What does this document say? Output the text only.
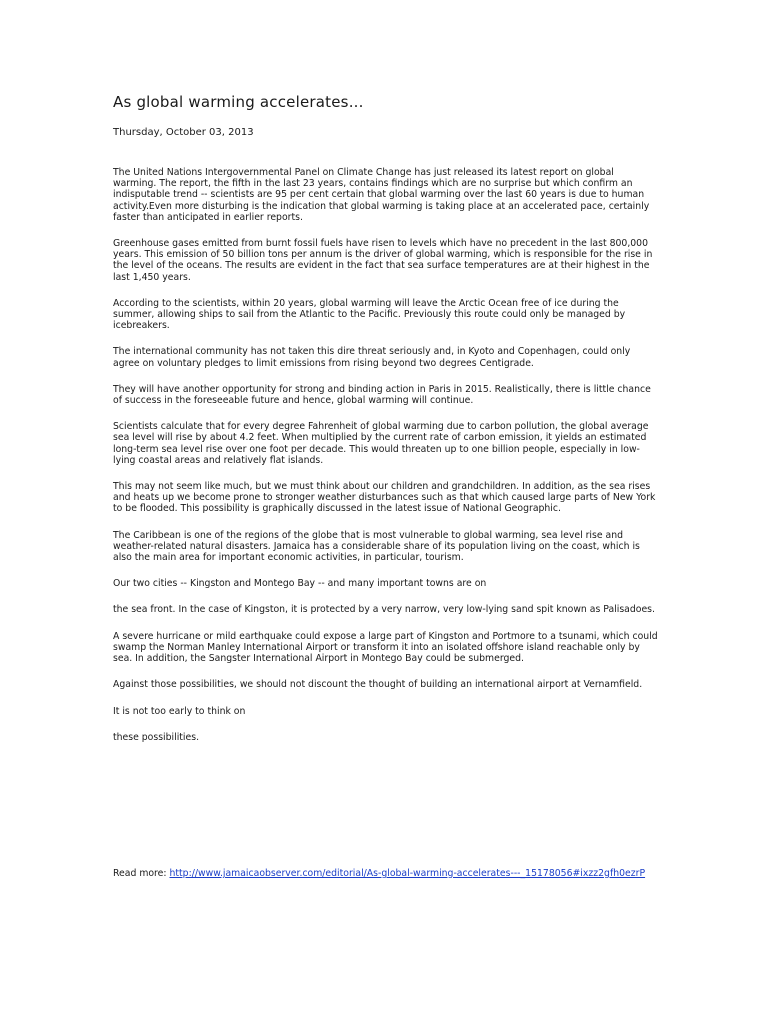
As global warming accelerates...
Thursday, October 03, 2013

The United Nations Intergovernmental Panel on Climate Change has just released its latest report on global warming. The report, the fifth in the last 23 years, contains findings which are no surprise but which confirm an indisputable trend -- scientists are 95 per cent certain that global warming over the last 60 years is due to human activity.Even more disturbing is the indication that global warming is taking place at an accelerated pace, certainly faster than anticipated in earlier reports.

Greenhouse gases emitted from burnt fossil fuels have risen to levels which have no precedent in the last 800,000 years. This emission of 50 billion tons per annum is the driver of global warming, which is responsible for the rise in the level of the oceans. The results are evident in the fact that sea surface temperatures are at their highest in the last 1,450 years.

According to the scientists, within 20 years, global warming will leave the Arctic Ocean free of ice during the summer, allowing ships to sail from the Atlantic to the Pacific. Previously this route could only be managed by icebreakers.

The international community has not taken this dire threat seriously and, in Kyoto and Copenhagen, could only agree on voluntary pledges to limit emissions from rising beyond two degrees Centigrade.

They will have another opportunity for strong and binding action in Paris in 2015. Realistically, there is little chance of success in the foreseeable future and hence, global warming will continue.

Scientists calculate that for every degree Fahrenheit of global warming due to carbon pollution, the global average sea level will rise by about 4.2 feet. When multiplied by the current rate of carbon emission, it yields an estimated long-term sea level rise over one foot per decade. This would threaten up to one billion people, especially in low-lying coastal areas and relatively flat islands.

This may not seem like much, but we must think about our children and grandchildren. In addition, as the sea rises and heats up we become prone to stronger weather disturbances such as that which caused large parts of New York to be flooded. This possibility is graphically discussed in the latest issue of National Geographic.

The Caribbean is one of the regions of the globe that is most vulnerable to global warming, sea level rise and weather-related natural disasters. Jamaica has a considerable share of its population living on the coast, which is also the main area for important economic activities, in particular, tourism.

Our two cities -- Kingston and Montego Bay -- and many important towns are on

the sea front. In the case of Kingston, it is protected by a very narrow, very low-lying sand spit known as Palisadoes.

A severe hurricane or mild earthquake could expose a large part of Kingston and Portmore to a tsunami, which could swamp the Norman Manley International Airport or transform it into an isolated offshore island reachable only by sea. In addition, the Sangster International Airport in Montego Bay could be submerged.

Against those possibilities, we should not discount the thought of building an international airport at Vernamfield.

It is not too early to think on

these possibilities.

Read more: http://www.jamaicaobserver.com/editorial/As-global-warming-accelerates---_15178056#ixzz2gfh0ezrP
